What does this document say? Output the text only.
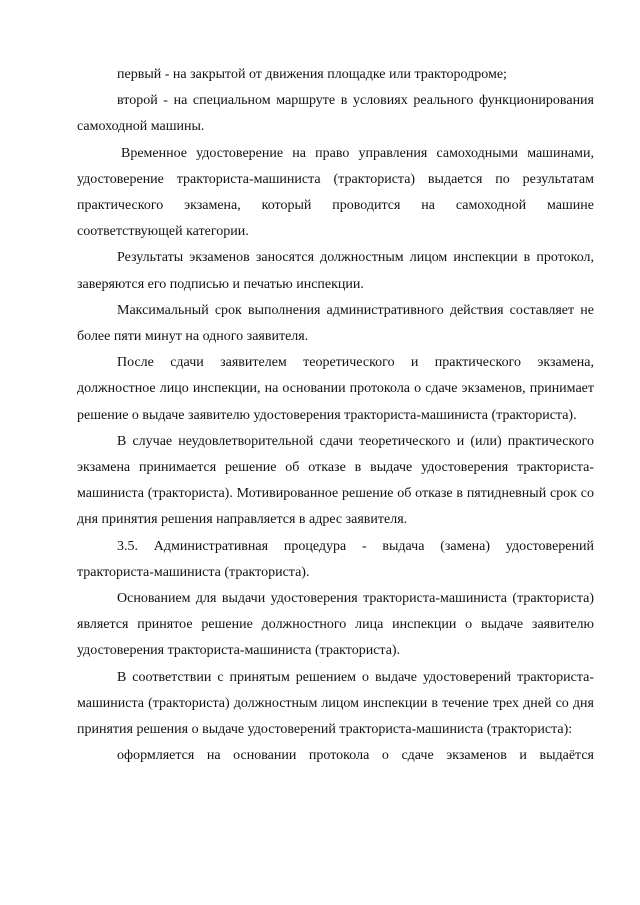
первый - на закрытой от движения площадке или трактородроме;

второй - на специальном маршруте в условиях реального функционирования самоходной машины.

Временное удостоверение на право управления самоходными машинами, удостоверение тракториста-машиниста (тракториста) выдается по результатам практического экзамена, который проводится на самоходной машине соответствующей категории.

Результаты экзаменов заносятся должностным лицом инспекции в протокол, заверяются его подписью и печатью инспекции.

Максимальный срок выполнения административного действия составляет не более пяти минут на одного заявителя.

После сдачи заявителем теоретического и практического экзамена, должностное лицо инспекции, на основании протокола о сдаче экзаменов, принимает решение о выдаче заявителю удостоверения тракториста-машиниста (тракториста).

В случае неудовлетворительной сдачи теоретического и (или) практического экзамена принимается решение об отказе в выдаче удостоверения тракториста-машиниста (тракториста). Мотивированное решение об отказе в пятидневный срок со дня принятия решения направляется в адрес заявителя.

3.5. Административная процедура - выдача (замена) удостоверений тракториста-машиниста (тракториста).

Основанием для выдачи удостоверения тракториста-машиниста (тракториста) является принятое решение должностного лица инспекции о выдаче заявителю удостоверения тракториста-машиниста (тракториста).

В соответствии с принятым решением о выдаче удостоверений тракториста-машиниста (тракториста) должностным лицом инспекции в течение трех дней со дня принятия решения о выдаче удостоверений тракториста-машиниста (тракториста):

оформляется на основании протокола о сдаче экзаменов и выдаётся
